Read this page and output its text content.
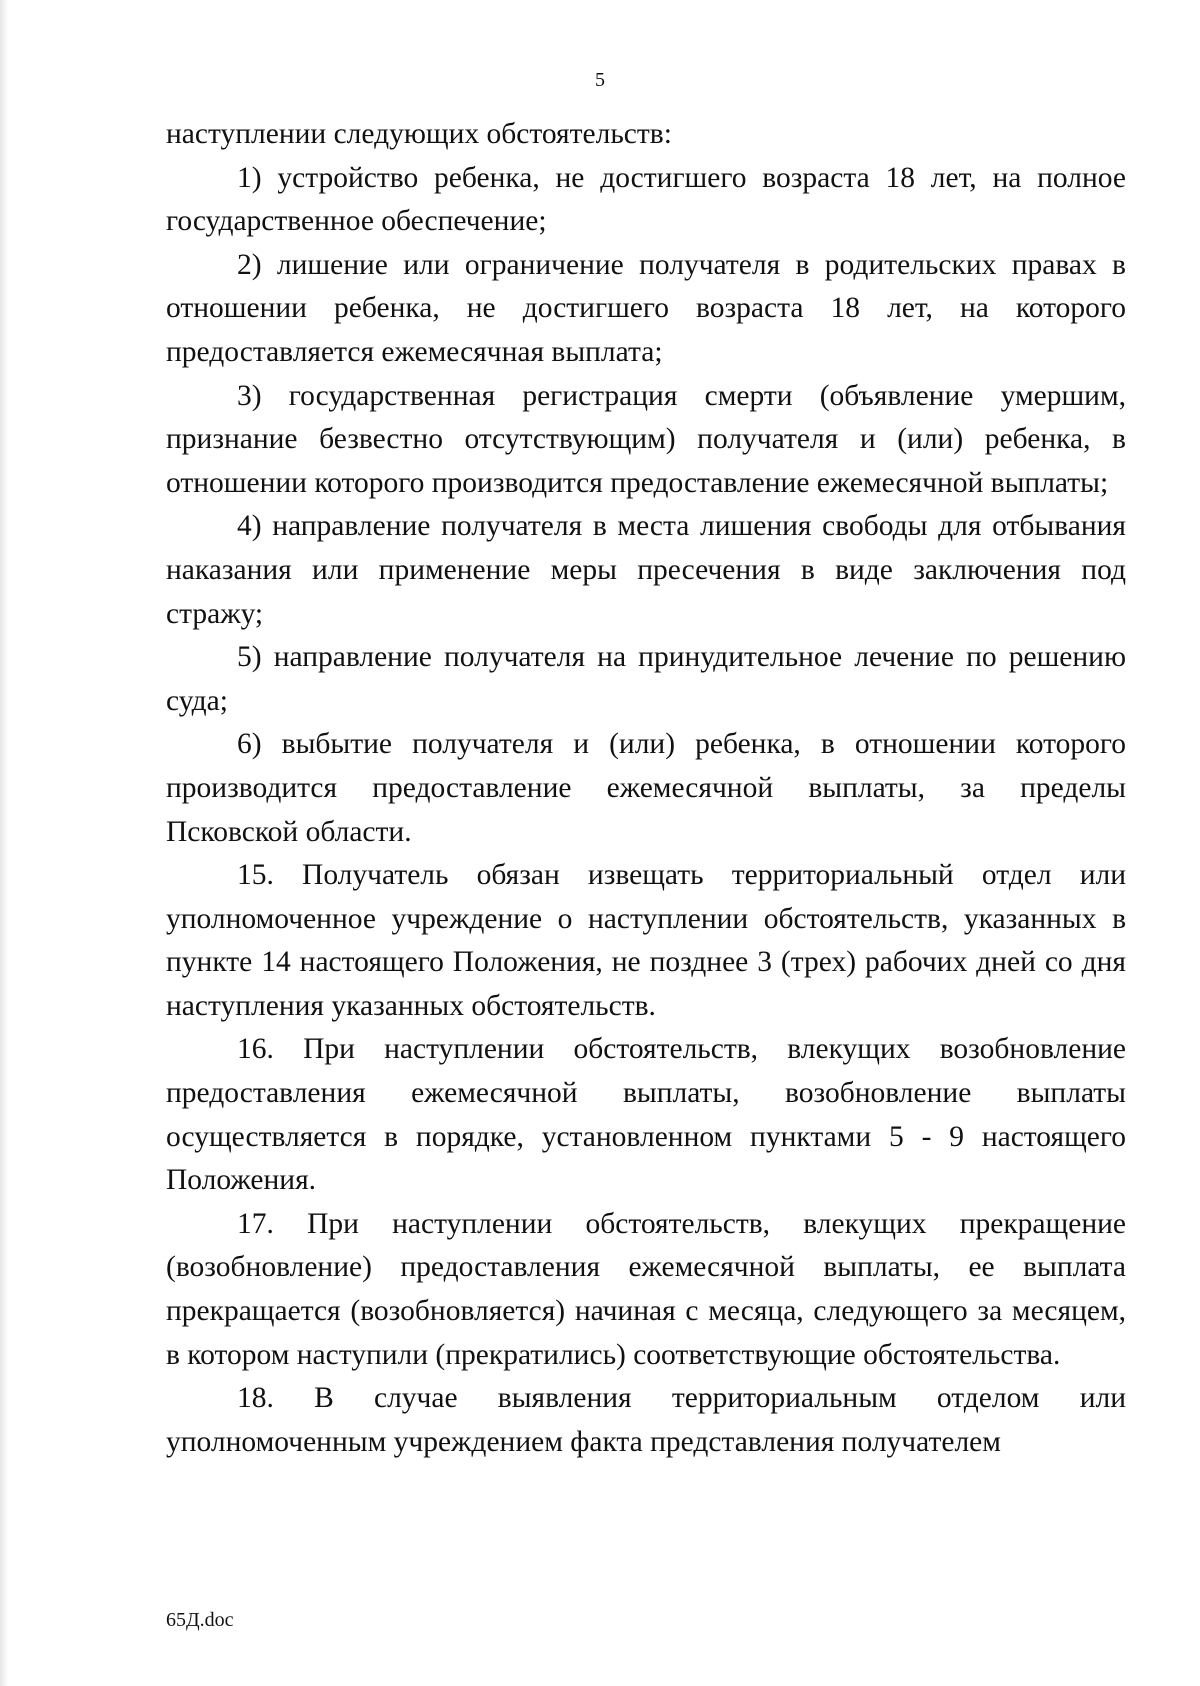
5

наступлении следующих обстоятельств:

1) устройство ребенка, не достигшего возраста 18 лет, на полное государственное обеспечение;

2) лишение или ограничение получателя в родительских правах в отношении ребенка, не достигшего возраста 18 лет, на которого предоставляется ежемесячная выплата;

3) государственная регистрация смерти (объявление умершим, признание безвестно отсутствующим) получателя и (или) ребенка, в отношении которого производится предоставление ежемесячной выплаты;

4) направление получателя в места лишения свободы для отбывания наказания или применение меры пресечения в виде заключения под стражу;

5) направление получателя на принудительное лечение по решению суда;

6) выбытие получателя и (или) ребенка, в отношении которого производится предоставление ежемесячной выплаты, за пределы Псковской области.

15. Получатель обязан извещать территориальный отдел или уполномоченное учреждение о наступлении обстоятельств, указанных в пункте 14 настоящего Положения, не позднее 3 (трех) рабочих дней со дня наступления указанных обстоятельств.

16. При наступлении обстоятельств, влекущих возобновление предоставления ежемесячной выплаты, возобновление выплаты осуществляется в порядке, установленном пунктами 5 - 9 настоящего Положения.

17. При наступлении обстоятельств, влекущих прекращение (возобновление) предоставления ежемесячной выплаты, ее выплата прекращается (возобновляется) начиная с месяца, следующего за месяцем, в котором наступили (прекратились) соответствующие обстоятельства.

18. В случае выявления территориальным отделом или уполномоченным учреждением факта представления получателем

65Д.doc
